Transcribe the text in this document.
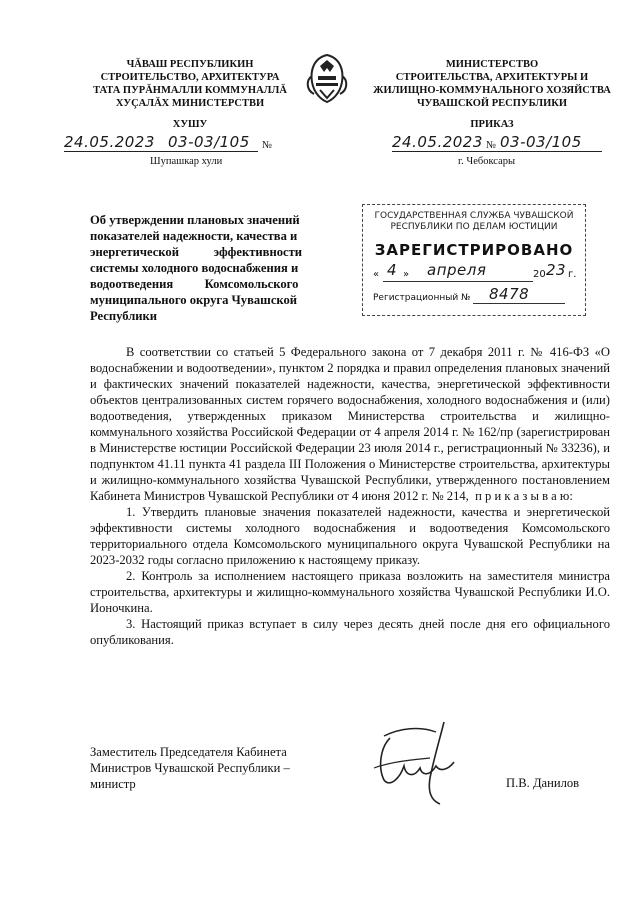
ЧĂВАШ РЕСПУБЛИКИН
СТРОИТЕЛЬСТВО, АРХИТЕКТУРА
ТАТА ПУРĂНМАЛЛИ КОММУНАЛЛĂ
ХУÇАЛĂХ МИНИСТЕРСТВИ
ХУШУ
МИНИСТЕРСТВО
СТРОИТЕЛЬСТВА, АРХИТЕКТУРЫ И
ЖИЛИЩНО-КОММУНАЛЬНОГО ХОЗЯЙСТВА
ЧУВАШСКОЙ РЕСПУБЛИКИ
ПРИКАЗ
24.05.2023 03-03/105 №
Шупашкар хули
24.05.2023 № 03-03/105
г. Чебоксары
Об утверждении плановых значений
показателей надежности, качества и
энергетической           эффективности
системы холодного водоснабжения и
водоотведения          Комсомольского
муниципального округа Чувашской
Республики
ГОСУДАРСТВЕННАЯ СЛУЖБА ЧУВАШСКОЙ
РЕСПУБЛИКИ ПО ДЕЛАМ ЮСТИЦИИ
ЗАРЕГИСТРИРОВАНО
« 4 » апреля	20 23 г.
Регистрационный № 8478

В соответствии со статьей 5 Федерального закона от 7 декабря 2011 г. № 416-ФЗ «О водоснабжении и водоотведении», пунктом 2 порядка и правил определения плановых значений и фактических значений показателей надежности, качества, энергетической эффективности объектов централизованных систем горячего водоснабжения, холодного водоснабжения и (или) водоотведения, утвержденных приказом Министерства строительства и жилищно-коммунального хозяйства Российской Федерации от 4 апреля 2014 г. № 162/пр (зарегистрирован в Министерстве юстиции Российской Федерации 23 июля 2014 г., регистрационный № 33236), и подпунктом 41.11 пункта 41 раздела III Положения о Министерстве строительства, архитектуры и жилищно-коммунального хозяйства Чувашской Республики, утвержденного постановлением Кабинета Министров Чувашской Республики от 4 июня 2012 г. № 214, п р и к а з ы в а ю:

1. Утвердить плановые значения показателей надежности, качества и энергетической эффективности системы холодного водоснабжения и водоотведения Комсомольского территориального отдела Комсомольского муниципального округа Чувашской Республики на 2023-2032 годы согласно приложению к настоящему приказу.

2. Контроль за исполнением настоящего приказа возложить на заместителя министра строительства, архитектуры и жилищно-коммунального хозяйства Чувашской Республики И.О. Ионочкина.

3. Настоящий приказ вступает в силу через десять дней после дня его официального опубликования.

Заместитель Председателя Кабинета
Министров Чувашской Республики –
министр	П.В. Данилов
